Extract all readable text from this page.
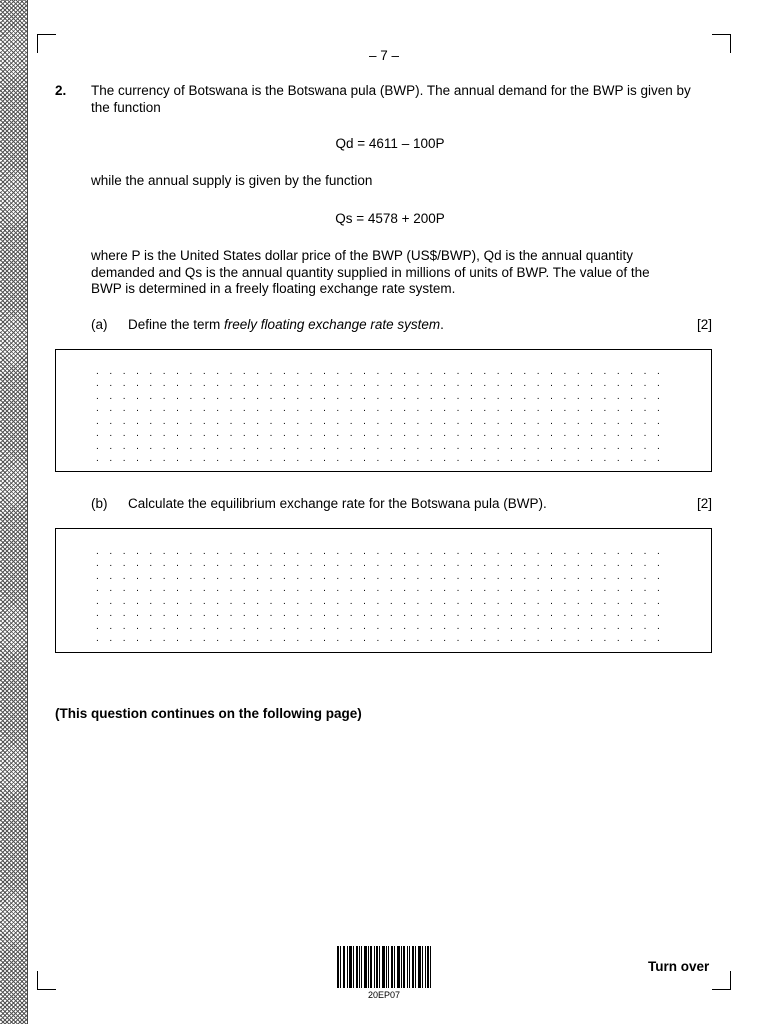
– 7 –
2. The currency of Botswana is the Botswana pula (BWP). The annual demand for the BWP is given by the function
Qd = 4611 – 100P
while the annual supply is given by the function
Qs = 4578 + 200P
where P is the United States dollar price of the BWP (US$/BWP), Qd is the annual quantity demanded and Qs is the annual quantity supplied in millions of units of BWP. The value of the BWP is determined in a freely floating exchange rate system.
(a) Define the term freely floating exchange rate system.	[2]
. . . . . . . . . . . . . . . . . . . . . . . . . . . . . . . . . . . . . . . . . . . . . . . . . . . . . . . . . . . . . . . . . . . . . . . . . . . . . . . . . . . . . .
. . . . . . . . . . . . . . . . . . . . . . . . . . . . . . . . . . . . . . . . . . . . . . . . . . . . . . . . . . . . . . . . . . . . . . . . . . . . . . . . . . . . . .
. . . . . . . . . . . . . . . . . . . . . . . . . . . . . . . . . . . . . . . . . . . . . . . . . . . . . . . . . . . . . . . . . . . . . . . . . . . . . . . . . . . . . .
. . . . . . . . . . . . . . . . . . . . . . . . . . . . . . . . . . . . . . . . . . . . . . . . . . . . . . . . . . . . . . . . . . . . . . . . . . . . . . . . . . . . . .
(b) Calculate the equilibrium exchange rate for the Botswana pula (BWP).	[2]
. . . . . . . . . . . . . . . . . . . . . . . . . . . . . . . . . . . . . . . . . . . . . . . . . . . . . . . . . . . . . . . . . . . . . . . . . . . . . . . . . . . . . .
. . . . . . . . . . . . . . . . . . . . . . . . . . . . . . . . . . . . . . . . . . . . . . . . . . . . . . . . . . . . . . . . . . . . . . . . . . . . . . . . . . . . . .
. . . . . . . . . . . . . . . . . . . . . . . . . . . . . . . . . . . . . . . . . . . . . . . . . . . . . . . . . . . . . . . . . . . . . . . . . . . . . . . . . . . . . .
. . . . . . . . . . . . . . . . . . . . . . . . . . . . . . . . . . . . . . . . . . . . . . . . . . . . . . . . . . . . . . . . . . . . . . . . . . . . . . . . . . . . . .
(This question continues on the following page)
20EP07
Turn over
